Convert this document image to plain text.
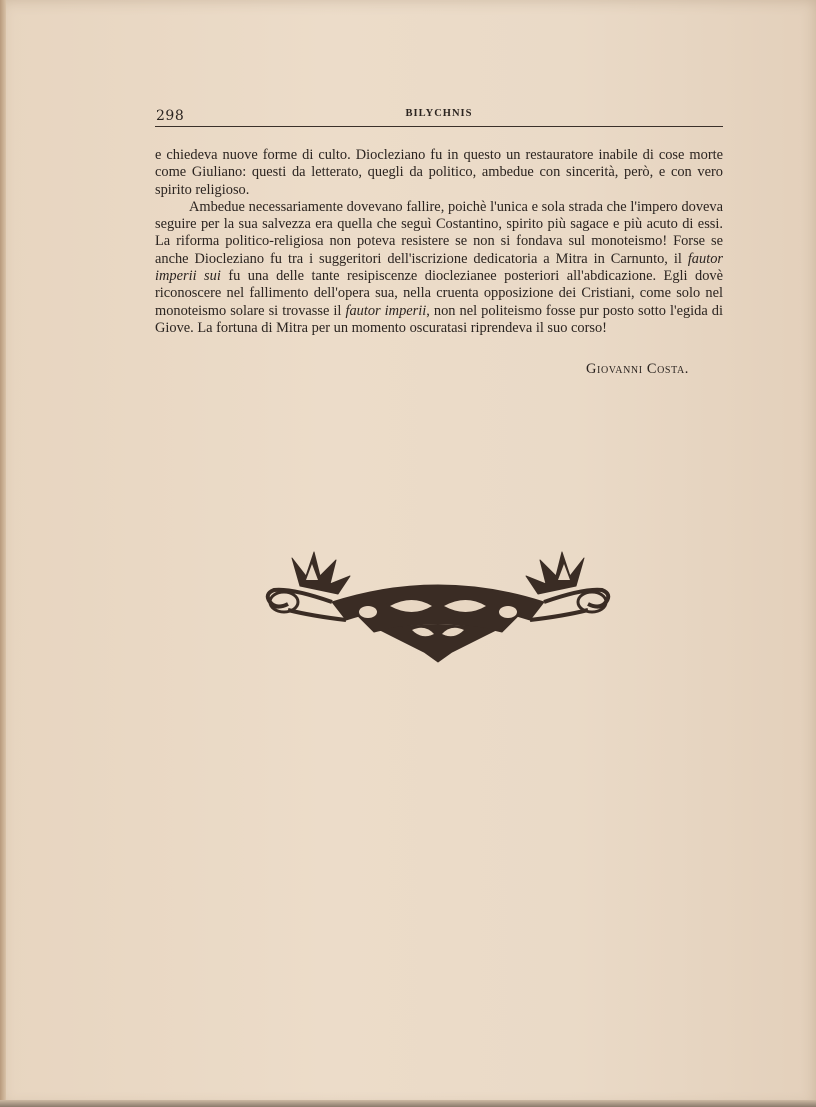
298	BILYCHNIS

e chiedeva nuove forme di culto. Diocleziano fu in questo un restauratore inabile di cose morte come Giuliano: questi da letterato, quegli da politico, ambedue con sincerità, però, e con vero spirito religioso.

Ambedue necessariamente dovevano fallire, poichè l'unica e sola strada che l'impero doveva seguire per la sua salvezza era quella che seguì Costantino, spirito più sagace e più acuto di essi. La riforma politico-religiosa non poteva resistere se non si fondava sul monoteismo! Forse se anche Diocleziano fu tra i suggeritori dell'iscrizione dedicatoria a Mitra in Carnunto, il fautor imperii sui fu una delle tante resipiscenze dioclezianee posteriori all'abdicazione. Egli dovè riconoscere nel fallimento dell'opera sua, nella cruenta opposizione dei Cristiani, come solo nel monoteismo solare si trovasse il fautor imperii, non nel politeismo fosse pur posto sotto l'egida di Giove. La fortuna di Mitra per un momento oscuratasi riprendeva il suo corso!

Giovanni Costa.
